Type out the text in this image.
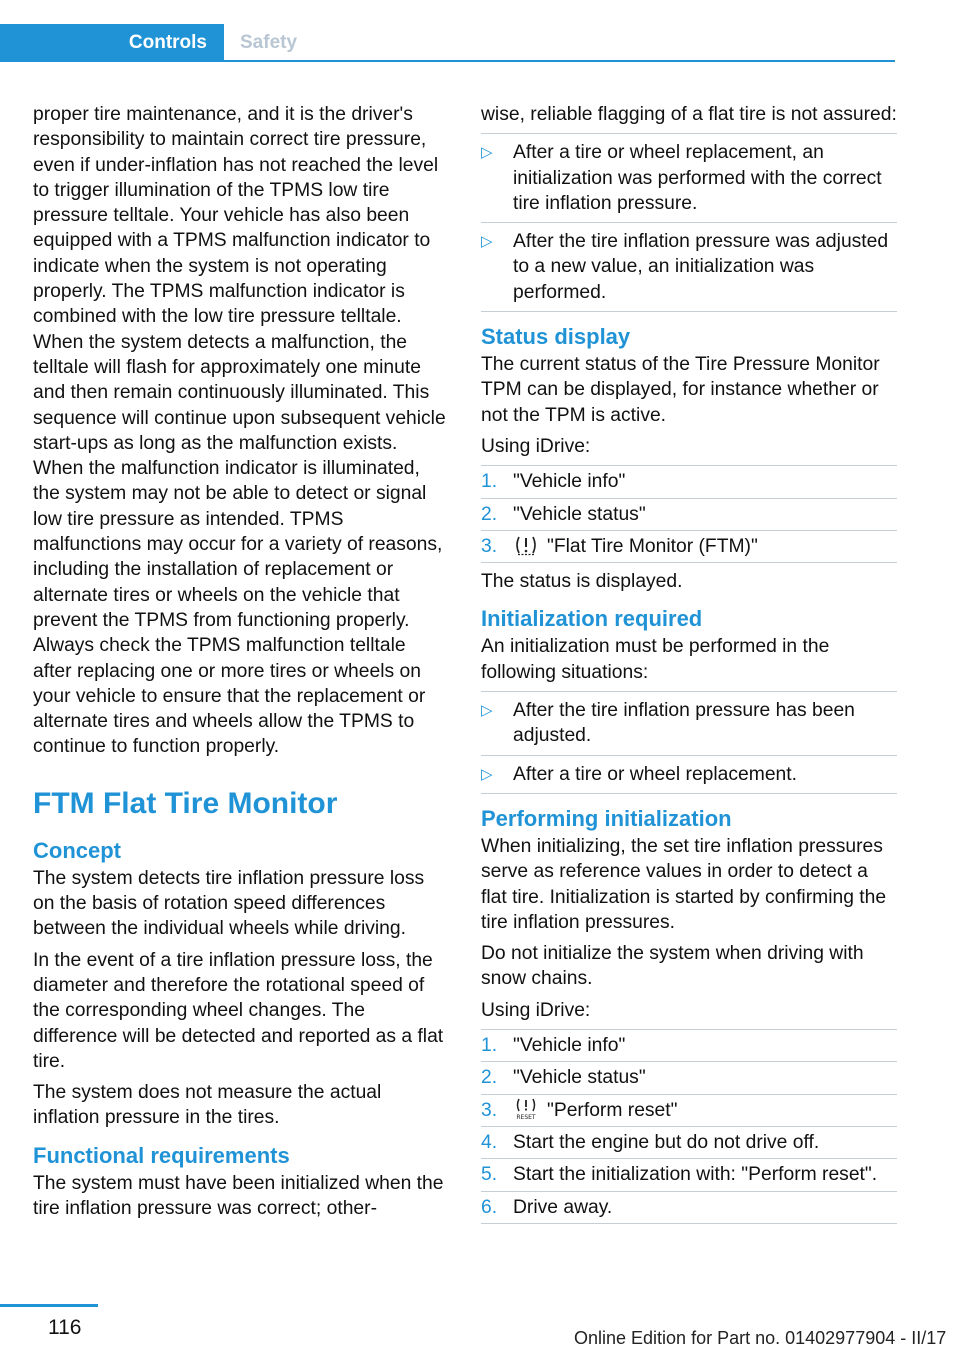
Controls	Safety

proper tire maintenance, and it is the driver's responsibility to maintain correct tire pressure, even if under-inflation has not reached the level to trigger illumination of the TPMS low tire pressure telltale. Your vehicle has also been equipped with a TPMS malfunction indicator to indicate when the system is not operating properly. The TPMS malfunction indicator is combined with the low tire pressure telltale. When the system detects a malfunction, the telltale will flash for approximately one minute and then remain continuously illuminated. This sequence will continue upon subsequent vehicle start-ups as long as the malfunction exists. When the malfunction indicator is illuminated, the system may not be able to detect or signal low tire pressure as intended. TPMS malfunctions may occur for a variety of reasons, including the installation of replacement or alternate tires or wheels on the vehicle that prevent the TPMS from functioning properly. Always check the TPMS malfunction telltale after replacing one or more tires or wheels on your vehicle to ensure that the replacement or alternate tires and wheels allow the TPMS to continue to function properly.

FTM Flat Tire Monitor
Concept

The system detects tire inflation pressure loss on the basis of rotation speed differences between the individual wheels while driving.

In the event of a tire inflation pressure loss, the diameter and therefore the rotational speed of the corresponding wheel changes. The difference will be detected and reported as a flat tire.

The system does not measure the actual inflation pressure in the tires.

Functional requirements

The system must have been initialized when the tire inflation pressure was correct; other-

wise, reliable flagging of a flat tire is not assured:

▷ After a tire or wheel replacement, an initialization was performed with the correct tire inflation pressure.
▷ After the tire inflation pressure was adjusted to a new value, an initialization was performed.
Status display

The current status of the Tire Pressure Monitor TPM can be displayed, for instance whether or not the TPM is active.

Using iDrive:

1. "Vehicle info"
2. "Vehicle status"
3.	"Flat Tire Monitor (FTM)"

The status is displayed.

Initialization required

An initialization must be performed in the following situations:

▷ After the tire inflation pressure has been adjusted.
▷ After a tire or wheel replacement.
Performing initialization

When initializing, the set tire inflation pressures serve as reference values in order to detect a flat tire. Initialization is started by confirming the tire inflation pressures.

Do not initialize the system when driving with snow chains.

Using iDrive:

1. "Vehicle info"
2. "Vehicle status"
3.	RESET "Perform reset"
4. Start the engine but do not drive off.
5. Start the initialization with: "Perform reset".
6. Drive away.
116	Online Edition for Part no. 01402977904 - II/17
